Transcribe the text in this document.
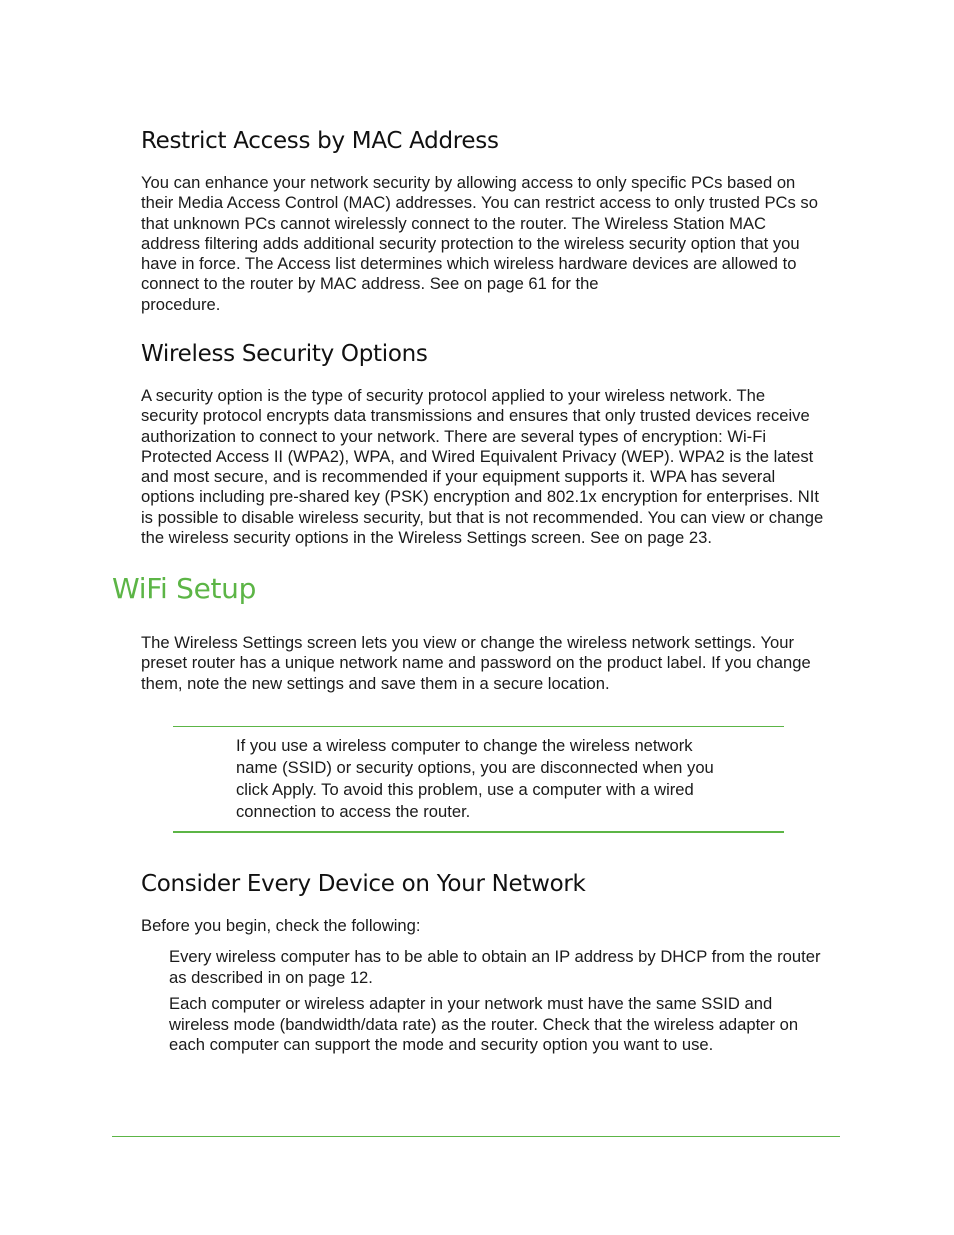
Restrict Access by MAC Address

You can enhance your network security by allowing access to only specific PCs based on
their Media Access Control (MAC) addresses. You can restrict access to only trusted PCs so
that unknown PCs cannot wirelessly connect to the router. The Wireless Station MAC
address filtering adds additional security protection to the wireless security option that you
have in force. The Access list determines which wireless hardware devices are allowed to
connect to the router by MAC address. See on page 61 for the
procedure.

Wireless Security Options

A security option is the type of security protocol applied to your wireless network. The
security protocol encrypts data transmissions and ensures that only trusted devices receive
authorization to connect to your network. There are several types of encryption: Wi-Fi
Protected Access II (WPA2), WPA, and Wired Equivalent Privacy (WEP). WPA2 is the latest
and most secure, and is recommended if your equipment supports it. WPA has several
options including pre-shared key (PSK) encryption and 802.1x encryption for enterprises. NIt
is possible to disable wireless security, but that is not recommended. You can view or change
the wireless security options in the Wireless Settings screen. See on page 23.

WiFi Setup

The Wireless Settings screen lets you view or change the wireless network settings. Your
preset router has a unique network name and password on the product label. If you change
them, note the new settings and save them in a secure location.

If you use a wireless computer to change the wireless network
name (SSID) or security options, you are disconnected when you
click Apply. To avoid this problem, use a computer with a wired
connection to access the router.

Consider Every Device on Your Network

Before you begin, check the following:

Every wireless computer has to be able to obtain an IP address by DHCP from the router
as described in on page 12.

Each computer or wireless adapter in your network must have the same SSID and
wireless mode (bandwidth/data rate) as the router. Check that the wireless adapter on
each computer can support the mode and security option you want to use.
